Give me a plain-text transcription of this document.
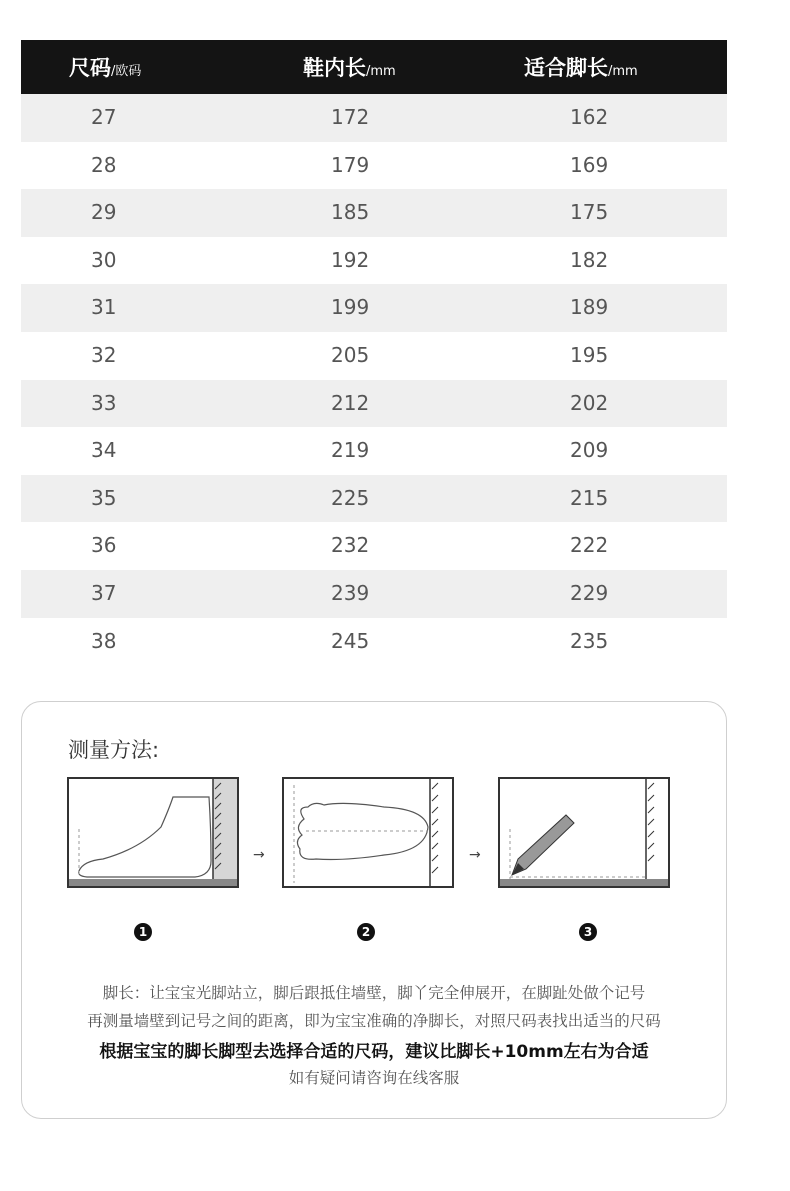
尺码/欧码	鞋内长/mm	适合脚长/mm
27	172	162
28	179	169
29	185	175
30	192	182
31	199	189
32	205	195
33	212	202
34	219	209
35	225	215
36	232	222
37	239	229
38	245	235
测量方法:
→	→
1	2	3
脚长：让宝宝光脚站立，脚后跟抵住墙壁，脚丫完全伸展开，在脚趾处做个记号
再测量墙壁到记号之间的距离，即为宝宝准确的净脚长，对照尺码表找出适当的尺码
根据宝宝的脚长脚型去选择合适的尺码，建议比脚长+10mm左右为合适
如有疑问请咨询在线客服
